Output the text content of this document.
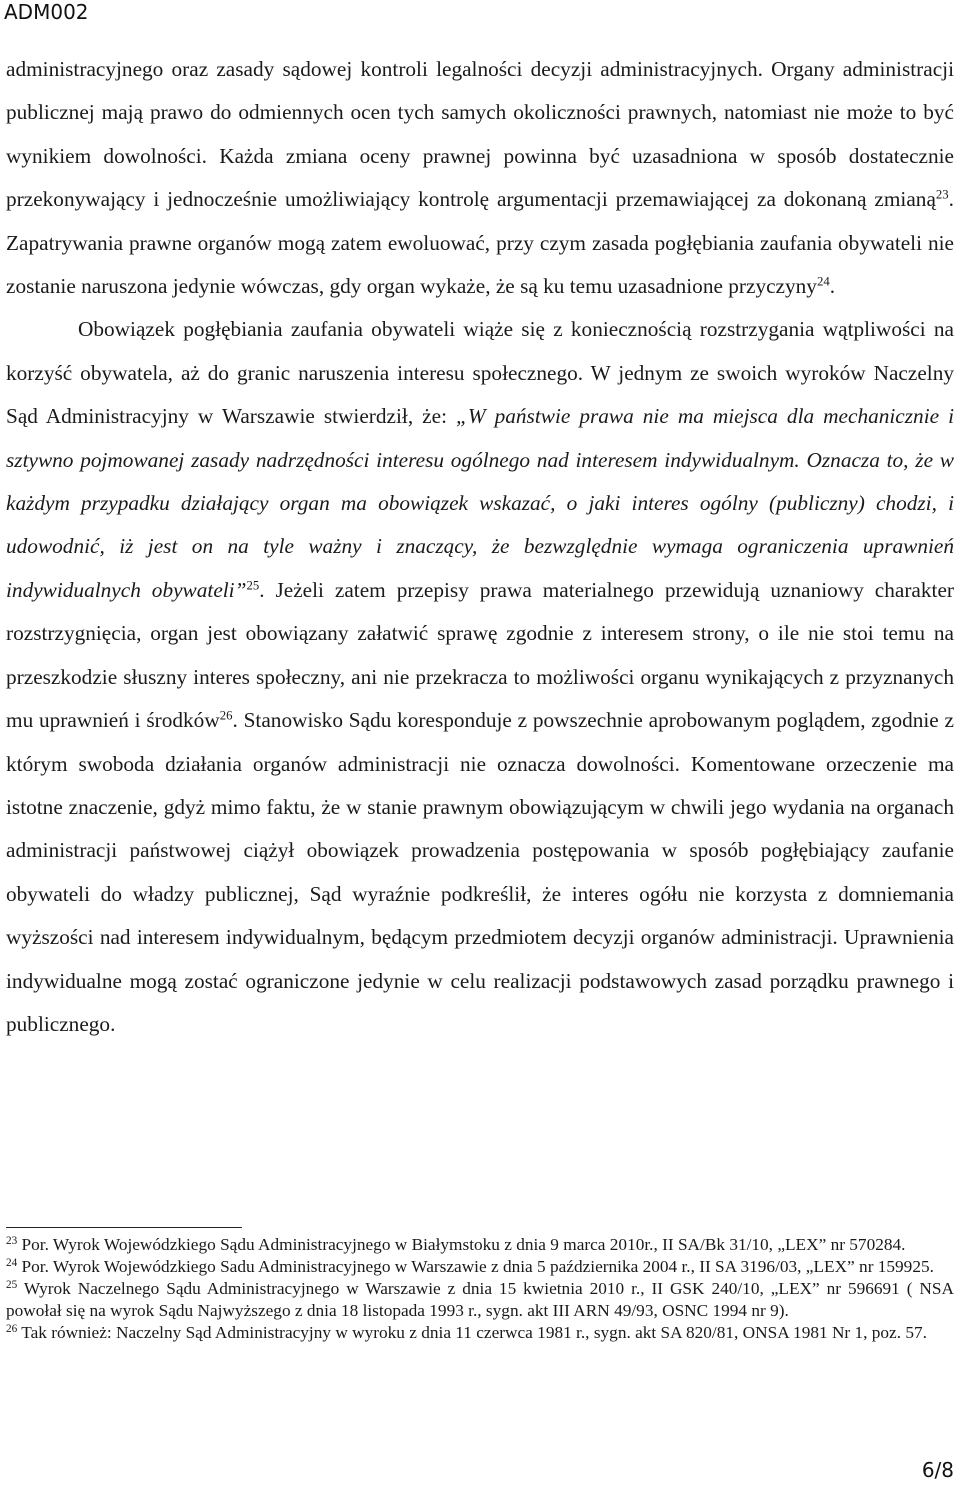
ADM002

administracyjnego oraz zasady sądowej kontroli legalności decyzji administracyjnych. Organy administracji publicznej mają prawo do odmiennych ocen tych samych okoliczności prawnych, natomiast nie może to być wynikiem dowolności. Każda zmiana oceny prawnej powinna być uzasadniona w sposób dostatecznie przekonywający i jednocześnie umożliwiający kontrolę argumentacji przemawiającej za dokonaną zmianą$^{23}$. Zapatrywania prawne organów mogą zatem ewoluować, przy czym zasada pogłębiania zaufania obywateli nie zostanie naruszona jedynie wówczas, gdy organ wykaże, że są ku temu uzasadnione przyczyny$^{24}$.

Obowiązek pogłębiania zaufania obywateli wiąże się z koniecznością rozstrzygania wątpliwości na korzyść obywatela, aż do granic naruszenia interesu społecznego. W jednym ze swoich wyroków Naczelny Sąd Administracyjny w Warszawie stwierdził, że: „W państwie prawa nie ma miejsca dla mechanicznie i sztywno pojmowanej zasady nadrzędności interesu ogólnego nad interesem indywidualnym. Oznacza to, że w każdym przypadku działający organ ma obowiązek wskazać, o jaki interes ogólny (publiczny) chodzi, i udowodnić, iż jest on na tyle ważny i znaczący, że bezwzględnie wymaga ograniczenia uprawnień indywidualnych obywateli”$^{25}$. Jeżeli zatem przepisy prawa materialnego przewidują uznaniowy charakter rozstrzygnięcia, organ jest obowiązany załatwić sprawę zgodnie z interesem strony, o ile nie stoi temu na przeszkodzie słuszny interes społeczny, ani nie przekracza to możliwości organu wynikających z przyznanych mu uprawnień i środków$^{26}$. Stanowisko Sądu koresponduje z powszechnie aprobowanym poglądem, zgodnie z którym swoboda działania organów administracji nie oznacza dowolności. Komentowane orzeczenie ma istotne znaczenie, gdyż mimo faktu, że w stanie prawnym obowiązującym w chwili jego wydania na organach administracji państwowej ciążył obowiązek prowadzenia postępowania w sposób pogłębiający zaufanie obywateli do władzy publicznej, Sąd wyraźnie podkreślił, że interes ogółu nie korzysta z domniemania wyższości nad interesem indywidualnym, będącym przedmiotem decyzji organów administracji. Uprawnienia indywidualne mogą zostać ograniczone jedynie w celu realizacji podstawowych zasad porządku prawnego i publicznego.

$^{23}$ Por. Wyrok Wojewódzkiego Sądu Administracyjnego w Białymstoku z dnia 9 marca 2010r., II SA/Bk 31/10, „LEX” nr 570284.

$^{24}$ Por. Wyrok Wojewódzkiego Sadu Administracyjnego w Warszawie z dnia 5 października 2004 r., II SA 3196/03, „LEX” nr 159925.

$^{25}$ Wyrok Naczelnego Sądu Administracyjnego w Warszawie z dnia 15 kwietnia 2010 r., II GSK 240/10, „LEX” nr 596691 ( NSA powołał się na wyrok Sądu Najwyższego z dnia 18 listopada 1993 r., sygn. akt III ARN 49/93, OSNC 1994 nr 9).

$^{26}$ Tak również: Naczelny Sąd Administracyjny w wyroku z dnia 11 czerwca 1981 r., sygn. akt SA 820/81, ONSA 1981 Nr 1, poz. 57.

6/8
